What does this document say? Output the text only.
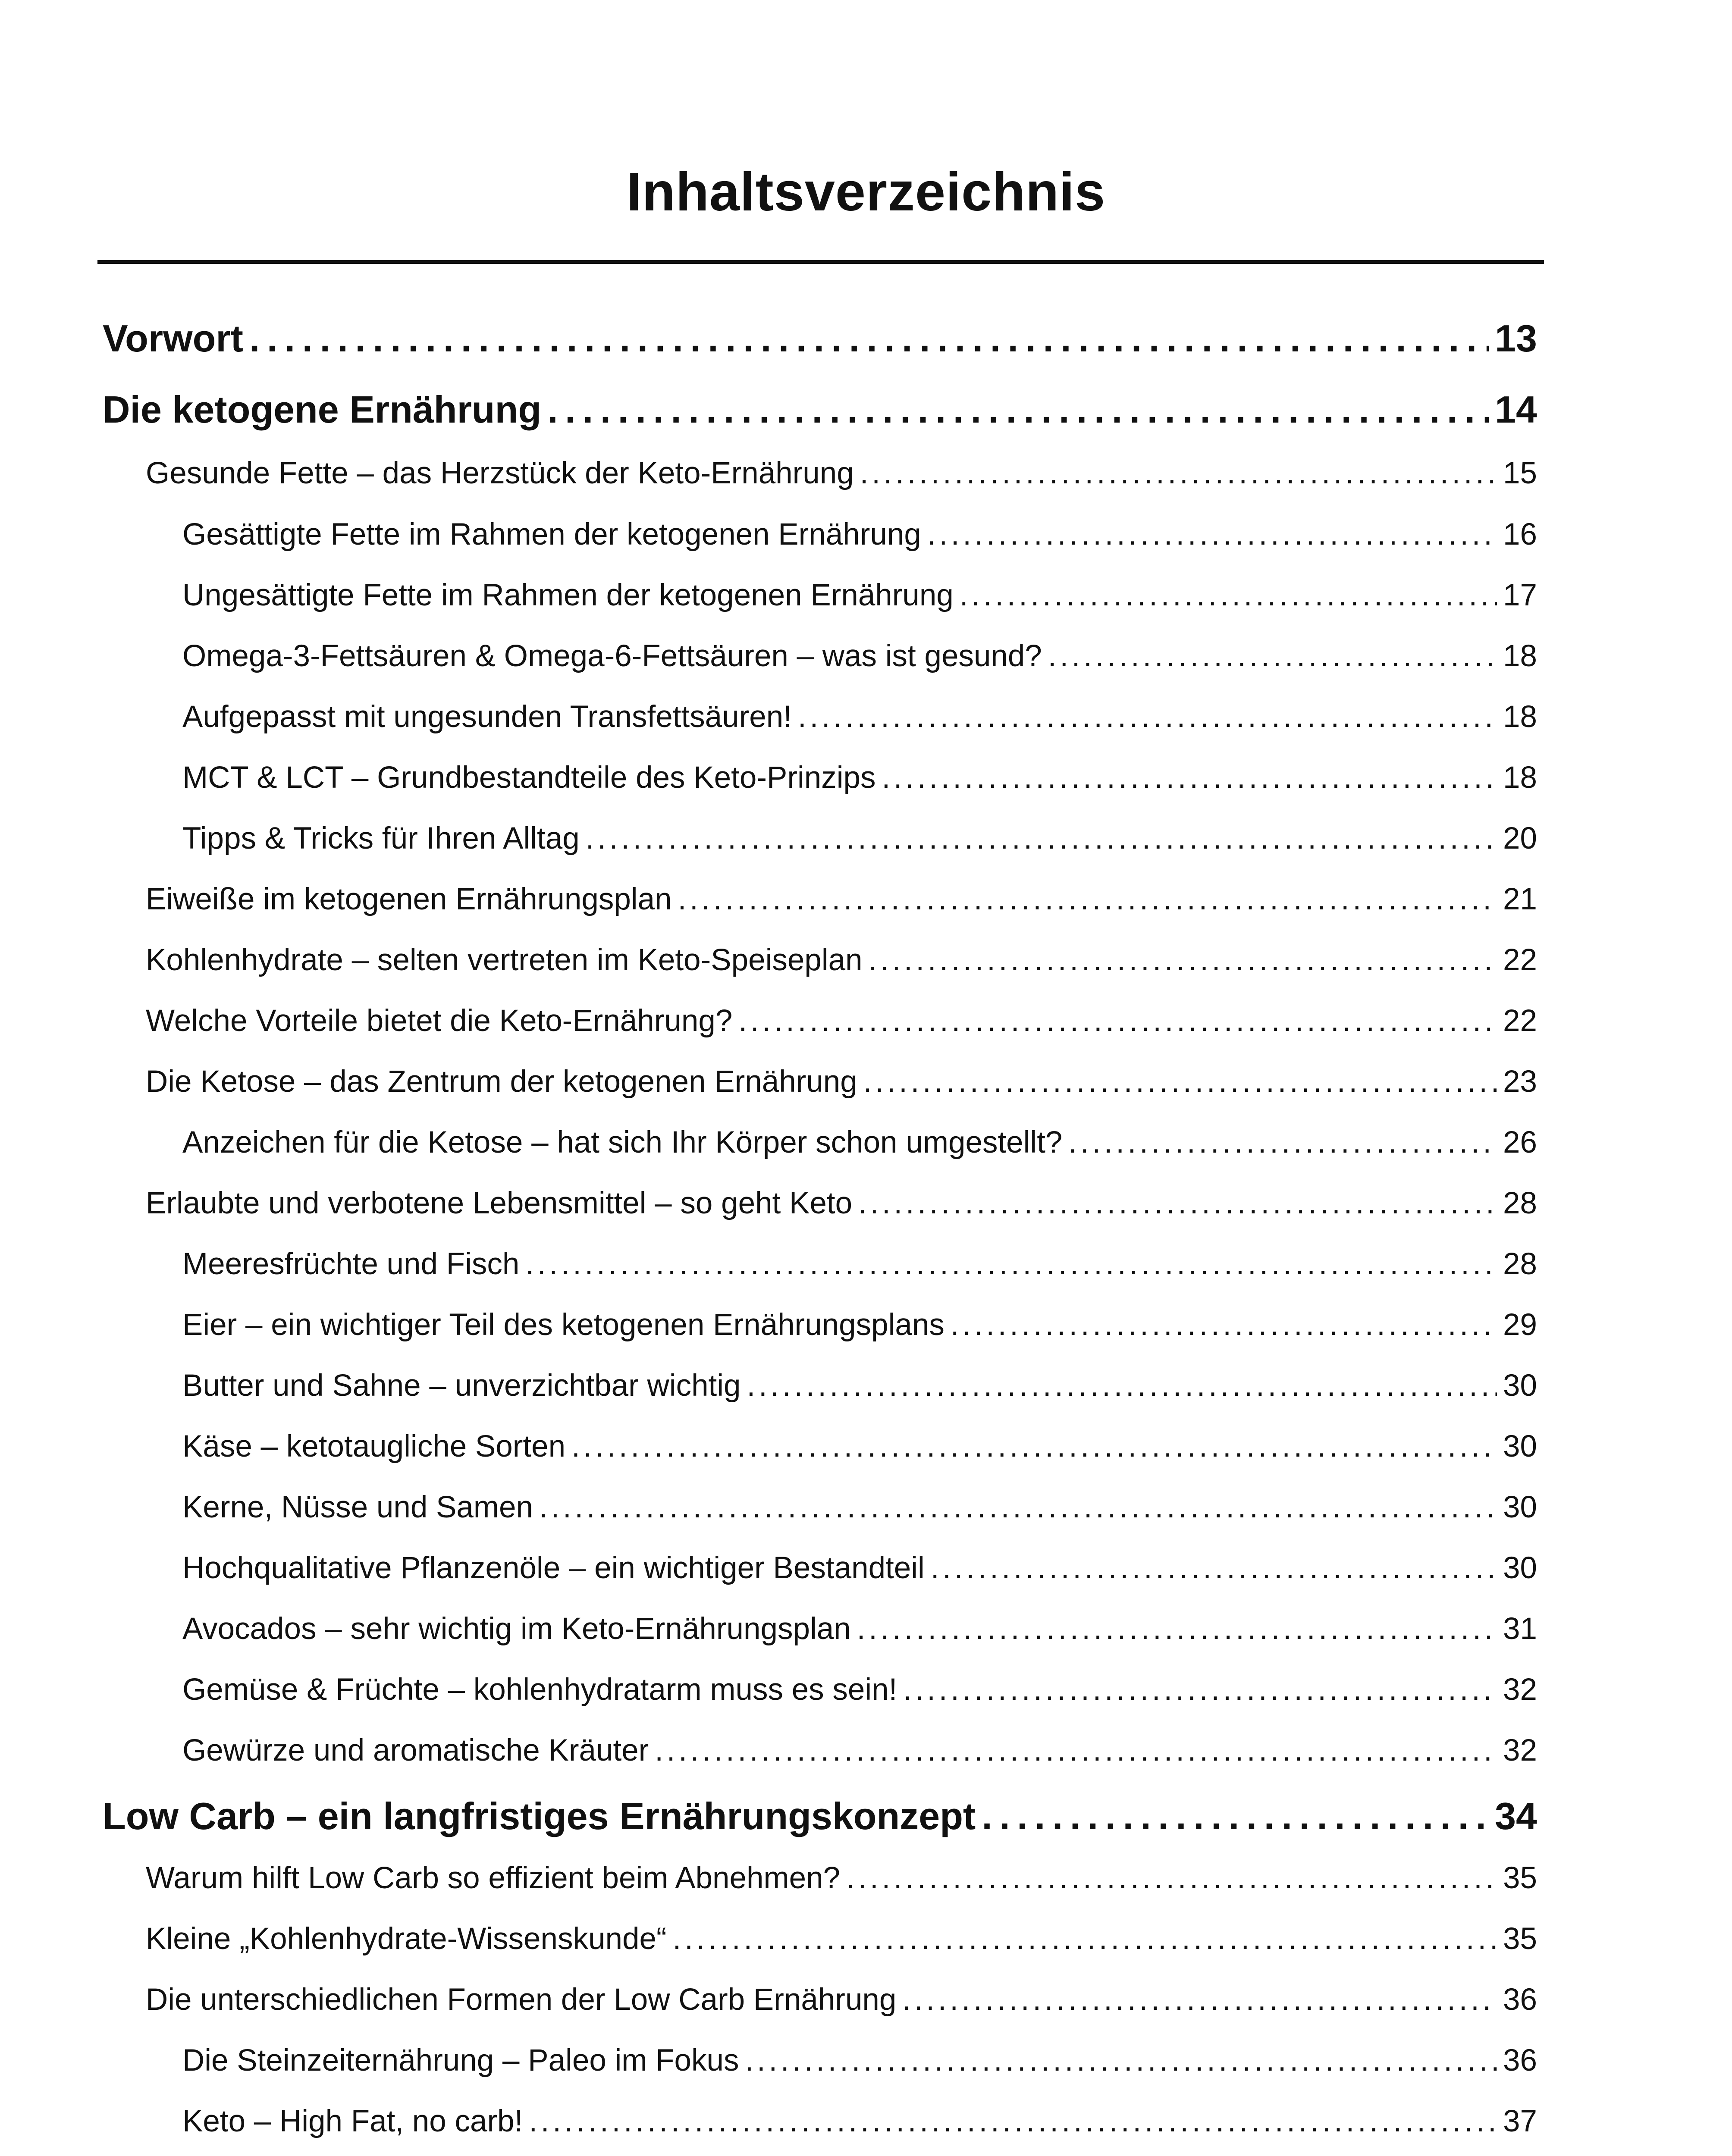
Inhaltsverzeichnis
Vorwort . . .	13
Die ketogene Ernährung . . .	14
Gesunde Fette – das Herzstück der Keto-Ernährung . . .	15
Gesättigte Fette im Rahmen der ketogenen Ernährung . . .	16
Ungesättigte Fette im Rahmen der ketogenen Ernährung . . .	17
Omega-3-Fettsäuren & Omega-6-Fettsäuren – was ist gesund? . . .	18
Aufgepasst mit ungesunden Transfettsäuren! . . .	18
MCT & LCT – Grundbestandteile des Keto-Prinzips . . .	18
Tipps & Tricks für Ihren Alltag . . .	20
Eiweiße im ketogenen Ernährungsplan . . .	21
Kohlenhydrate – selten vertreten im Keto-Speiseplan . . .	22
Welche Vorteile bietet die Keto-Ernährung? . . .	22
Die Ketose – das Zentrum der ketogenen Ernährung . . .	23
Anzeichen für die Ketose – hat sich Ihr Körper schon umgestellt? . . .	26
Erlaubte und verbotene Lebensmittel – so geht Keto . . .	28
Meeresfrüchte und Fisch . . .	28
Eier – ein wichtiger Teil des ketogenen Ernährungsplans . . .	29
Butter und Sahne – unverzichtbar wichtig . . .	30
Käse – ketotaugliche Sorten . . .	30
Kerne, Nüsse und Samen . . .	30
Hochqualitative Pflanzenöle – ein wichtiger Bestandteil . . .	30
Avocados – sehr wichtig im Keto-Ernährungsplan . . .	31
Gemüse & Früchte – kohlenhydratarm muss es sein! . . .	32
Gewürze und aromatische Kräuter . . .	32
Low Carb – ein langfristiges Ernährungskonzept . . .	34
Warum hilft Low Carb so effizient beim Abnehmen? . . .	35
Kleine „Kohlenhydrate-Wissenskunde“ . . .	35
Die unterschiedlichen Formen der Low Carb Ernährung . . .	36
Die Steinzeiternährung – Paleo im Fokus . . .	36
Keto – High Fat, no carb! . . .	37
